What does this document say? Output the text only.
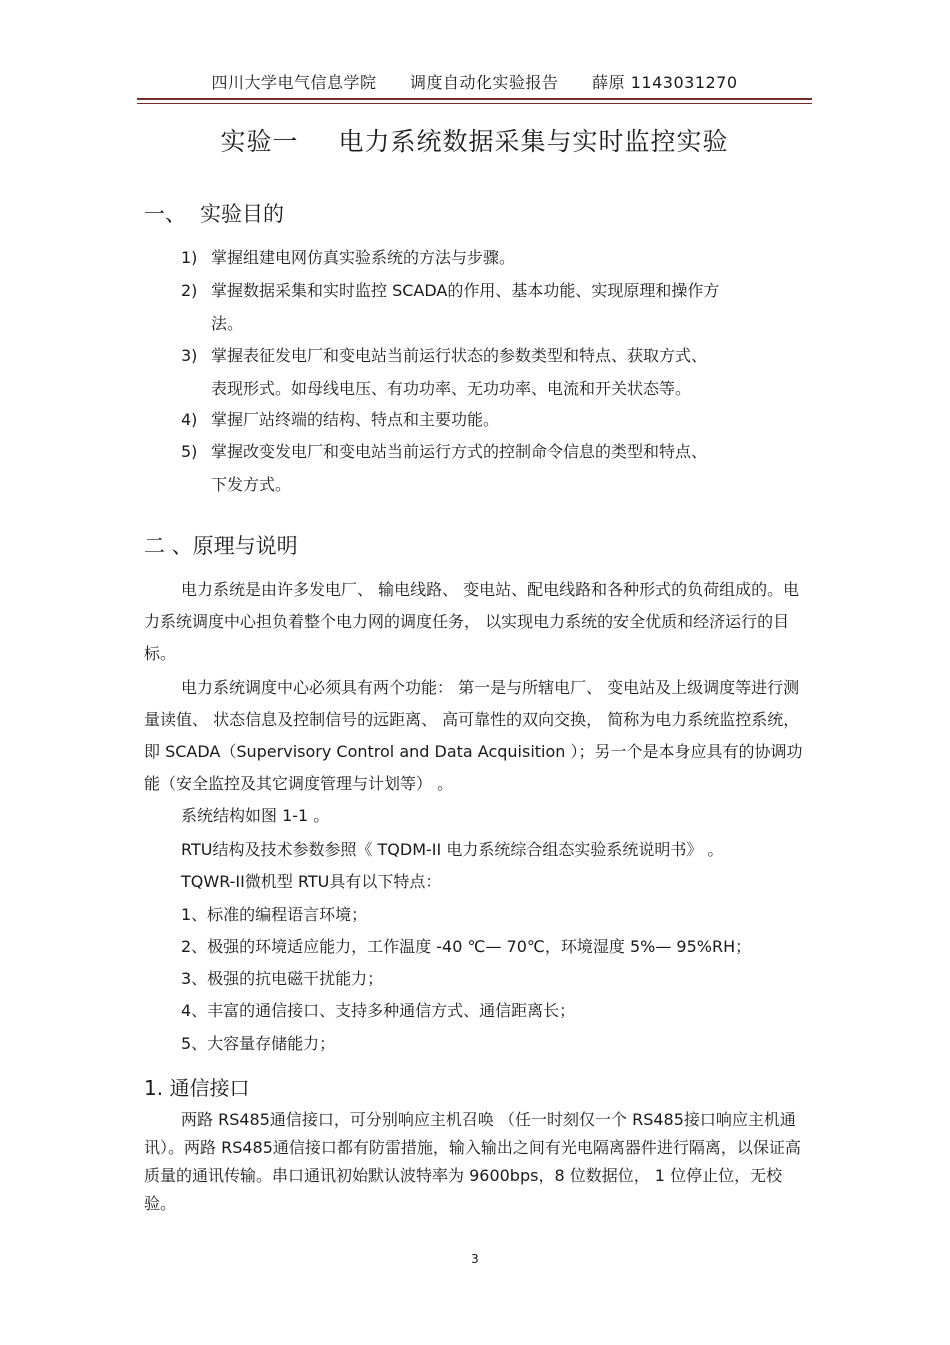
四川大学电气信息学院 调度自动化实验报告 薛原 1143031270
实验一 电力系统数据采集与实时监控实验
一、 实验目的
1) 掌握组建电网仿真实验系统的方法与步骤。
2) 掌握数据采集和实时监控 SCADA的作用、基本功能、实现原理和操作方
法。
3) 掌握表征发电厂和变电站当前运行状态的参数类型和特点、获取方式、
表现形式。如母线电压、有功功率、无功功率、电流和开关状态等。
4) 掌握厂站终端的结构、特点和主要功能。
5) 掌握改变发电厂和变电站当前运行方式的控制命令信息的类型和特点、
下发方式。
二 、原理与说明
电力系统是由许多发电厂、 输电线路、 变电站、配电线路和各种形式的负荷组成的。电力系统调度中心担负着整个电力网的调度任务， 以实现电力系统的安全优质和经济运行的目标。
电力系统调度中心必须具有两个功能： 第一是与所辖电厂、 变电站及上级调度等进行测量读值、 状态信息及控制信号的远距离、 高可靠性的双向交换， 简称为电力系统监控系统，即 SCADA（Supervisory Control and Data Acquisition ）；另一个是本身应具有的协调功能（安全监控及其它调度管理与计划等） 。
系统结构如图 1-1 。
RTU结构及技术参数参照《 TQDM-II 电力系统综合组态实验系统说明书》 。
TQWR-II微机型 RTU具有以下特点：
1、标准的编程语言环境；
2、极强的环境适应能力，工作温度 -40 ℃— 70℃，环境湿度 5%— 95%RH；
3、极强的抗电磁干扰能力；
4、丰富的通信接口、支持多种通信方式、通信距离长；
5、大容量存储能力；
1. 通信接口
两路 RS485通信接口，可分别响应主机召唤 （任一时刻仅一个 RS485接口响应主机通讯）。两路 RS485通信接口都有防雷措施，输入输出之间有光电隔离器件进行隔离，以保证高质量的通讯传输。串口通讯初始默认波特率为 9600bps，8 位数据位， 1 位停止位，无校验。
3
